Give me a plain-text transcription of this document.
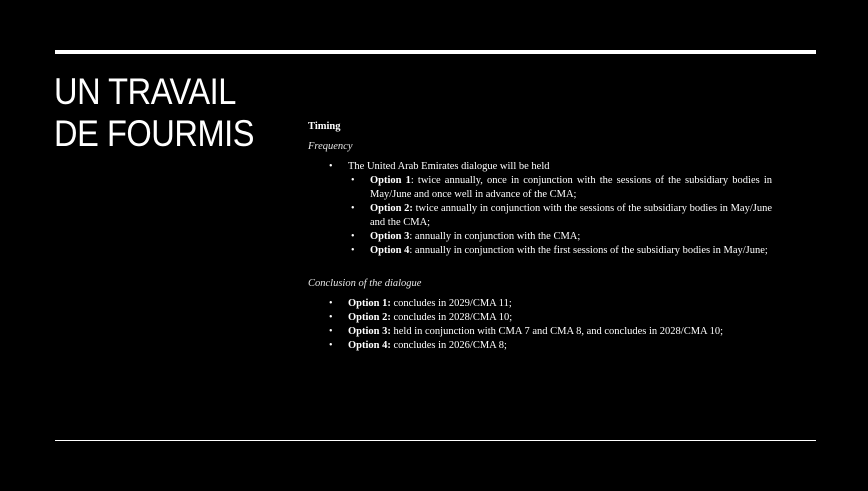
UN TRAVAIL
DE FOURMIS	Timing
Frequency
• The United Arab Emirates dialogue will be held
• Option 1: twice annually, once in conjunction with the sessions of the subsidiary bodies in May/June and once well in advance of the CMA;
• Option 2: twice annually in conjunction with the sessions of the subsidiary bodies in May/June and the CMA;
• Option 3: annually in conjunction with the CMA;
• Option 4: annually in conjunction with the first sessions of the subsidiary bodies in May/June;
Conclusion of the dialogue
• Option 1: concludes in 2029/CMA 11;
• Option 2: concludes in 2028/CMA 10;
• Option 3: held in conjunction with CMA 7 and CMA 8, and concludes in 2028/CMA 10;
• Option 4: concludes in 2026/CMA 8;
